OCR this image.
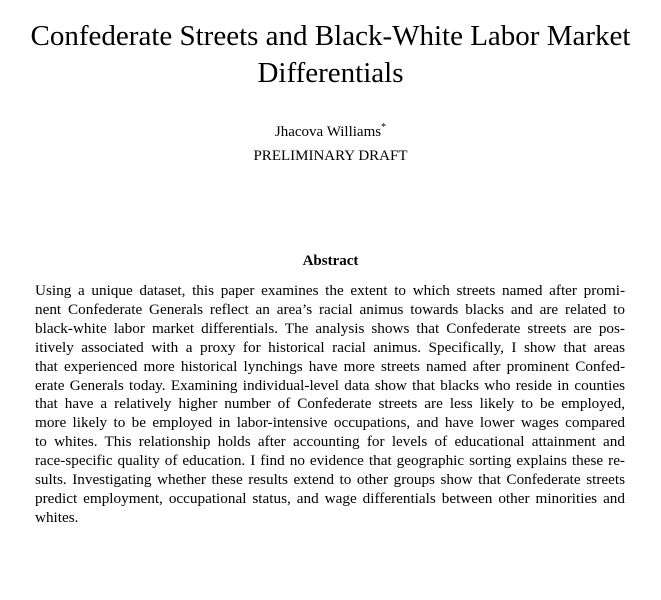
Confederate Streets and Black-White Labor Market
Differentials
Jhacova Williams*
PRELIMINARY DRAFT
Abstract
Using a unique dataset, this paper examines the extent to which streets named after promi-
nent Confederate Generals reflect an area’s racial animus towards blacks and are related to
black-white labor market differentials. The analysis shows that Confederate streets are pos-
itively associated with a proxy for historical racial animus. Specifically, I show that areas
that experienced more historical lynchings have more streets named after prominent Confed-
erate Generals today. Examining individual-level data show that blacks who reside in counties
that have a relatively higher number of Confederate streets are less likely to be employed,
more likely to be employed in labor-intensive occupations, and have lower wages compared
to whites. This relationship holds after accounting for levels of educational attainment and
race-specific quality of education. I find no evidence that geographic sorting explains these re-
sults. Investigating whether these results extend to other groups show that Confederate streets
predict employment, occupational status, and wage differentials between other minorities and
whites.
